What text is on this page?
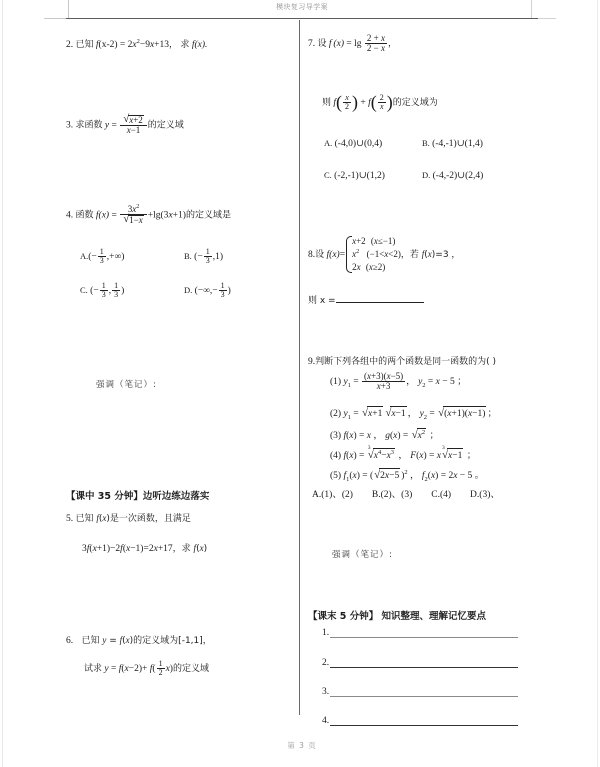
模块复习导学案
2. 已知 $f(x-2) = 2x^2-9x+13$， 求 f(x).
3. 求函数 y = √ $\frac{x+2}{x-1}$ 的定义域
4. 函数 $f(x) = 3x^2$
√ 1−x +lg(3x+1)的定义域是
$A.(- \frac{1}{3}$ ,+∞)	B. (− $\frac{1}{3} ,1$)
C. (− $\frac{1}{3}$ , $\frac{1}{3}$ )	D. (−∞,− $\frac{1}{3}$ )
强调（笔记）:
【课中 35 分钟】边听边练边落实
5. 已知 f(x)是一次函数，且满足
3f(x+1)−2f(x−1)=2x+17，求 f(x)
6. 已知 y = f(x)的定义域为[-1,1]，
试求 $y = f(x-2)+ f( \frac{1}{2} x)$的定义域
7. 设 f $(x) = \lg \frac{2 + x}{2 - x}$ ，
则 $f( \frac{x}{2}$ ) + $f( \frac{2}{x}$ )的定义域为
A. (-4,0)∪(0,4)	B. (-4,-1)∪(1,4)
C. (-2,-1)∪(1,2)	D. (-4,-2)∪(2,4)
8.设 f(x)=
x+2 (x≤−1)
$x^2$ (−1<x<2)
2x (x≥2)
，若 f(x)=3 ，
则 x =
9.判断下列各组中的两个函数是同一函数的为( )
(1) $y_1 = \frac{(x+3)(x-5)}{x+3}$ ， $y_2 = x - 5$ ；
(2) $y_1$ = √ x+1 √ x−1 ， $y_2$ = √ (x+1)(x−1) ；
(3) f(x) = x ， g(x) = √ $x^2$ ；
(4) f(x) = √ $x^4-x^3$ 3 ， F(x) = x √ x−1 3 ；
(5) $f_1(x)$ = ( √ 2x−5 )$^2$ ， $f_2(x) = 2x - 5$ 。
A.(1)、(2)　　B.(2)、(3)　　C.(4)　　D.(3)、
强调（笔记）:
【课末 5 分钟】 知识整理、理解记忆要点
1.
2.
3.
4.
第 3 页
